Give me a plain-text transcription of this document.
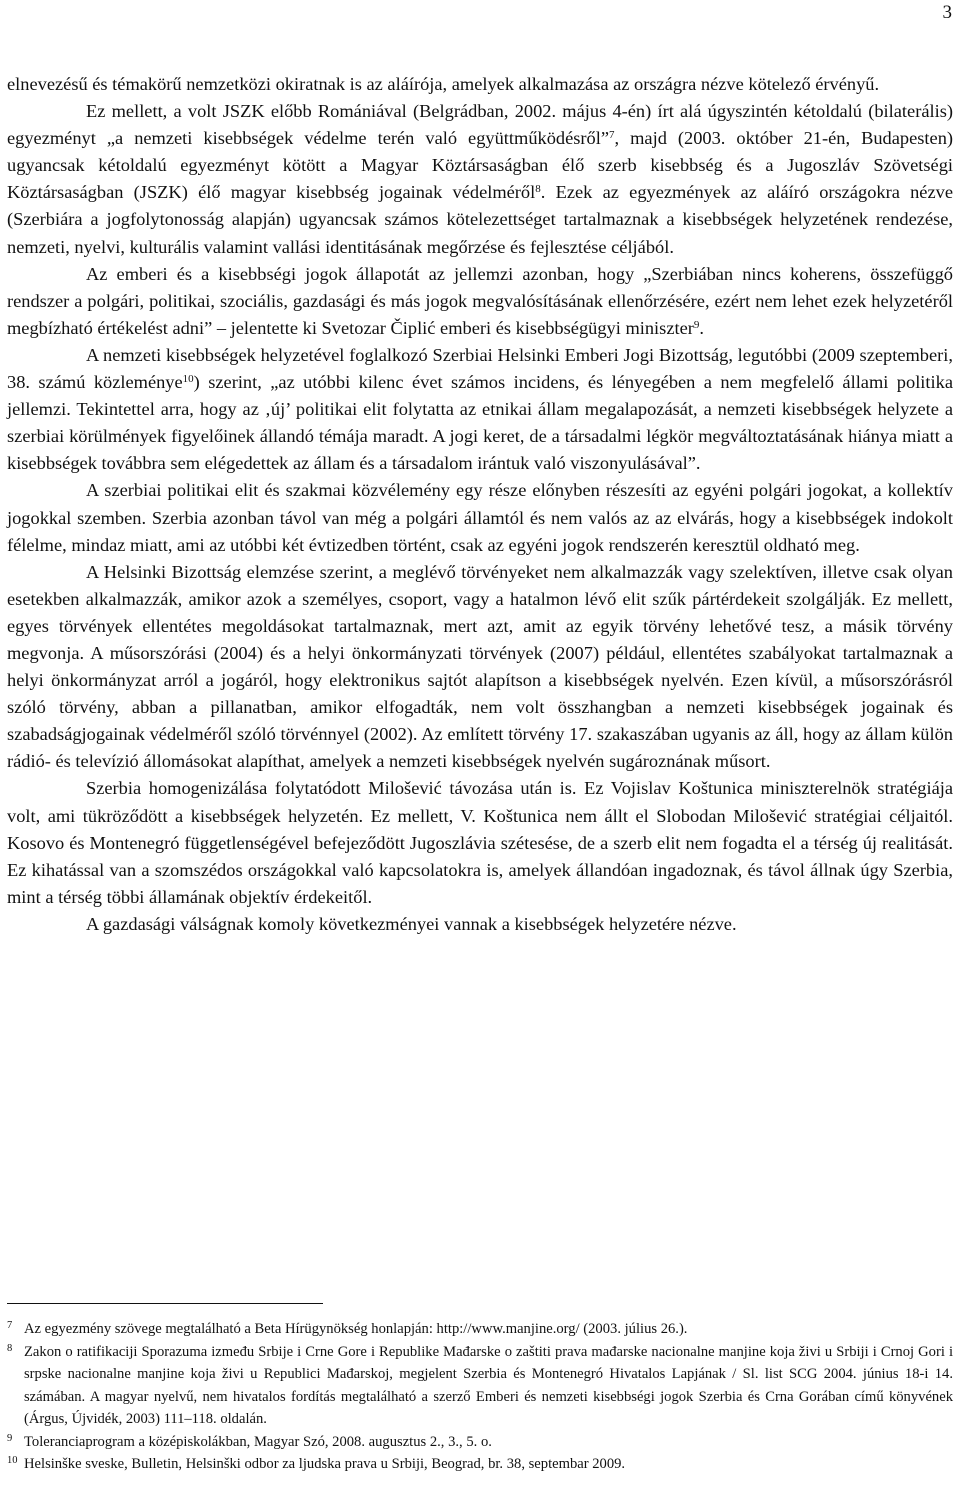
3

elnevezésű és témakörű nemzetközi okiratnak is az aláírója, amelyek alkalmazása az országra nézve kötelező érvényű.

Ez mellett, a volt JSZK előbb Romániával (Belgrádban, 2002. május 4-én) írt alá úgyszintén kétoldalú (bilaterális) egyezményt „a nemzeti kisebbségek védelme terén való együttműködésről”$^7$, majd (2003. október 21-én, Budapesten) ugyancsak kétoldalú egyezményt kötött a Magyar Köztársaságban élő szerb kisebbség és a Jugoszláv Szövetségi Köztársaságban (JSZK) élő magyar kisebbség jogainak védelméről$^8$. Ezek az egyezmények az aláíró országokra nézve (Szerbiára a jogfolytonosság alapján) ugyancsak számos kötelezettséget tartalmaznak a kisebbségek helyzetének rendezése, nemzeti, nyelvi, kulturális valamint vallási identitásának megőrzése és fejlesztése céljából.

Az emberi és a kisebbségi jogok állapotát az jellemzi azonban, hogy „Szerbiában nincs koherens, összefüggő rendszer a polgári, politikai, szociális, gazdasági és más jogok megvalósításának ellenőrzésére, ezért nem lehet ezek helyzetéről megbízható értékelést adni” – jelentette ki Svetozar Čiplić emberi és kisebbségügyi miniszter$^9$.

A nemzeti kisebbségek helyzetével foglalkozó Szerbiai Helsinki Emberi Jogi Bizottság, legutóbbi (2009 szeptemberi, 38. számú közleménye$^{10}$) szerint, „az utóbbi kilenc évet számos incidens, és lényegében a nem megfelelő állami politika jellemzi. Tekintettel arra, hogy az ‚új’ politikai elit folytatta az etnikai állam megalapozását, a nemzeti kisebbségek helyzete a szerbiai körülmények figyelőinek állandó témája maradt. A jogi keret, de a társadalmi légkör megváltoztatásának hiánya miatt a kisebbségek továbbra sem elégedettek az állam és a társadalom irántuk való viszonyulásával”.

A szerbiai politikai elit és szakmai közvélemény egy része előnyben részesíti az egyéni polgári jogokat, a kollektív jogokkal szemben. Szerbia azonban távol van még a polgári államtól és nem valós az az elvárás, hogy a kisebbségek indokolt félelme, mindaz miatt, ami az utóbbi két évtizedben történt, csak az egyéni jogok rendszerén keresztül oldható meg.

A Helsinki Bizottság elemzése szerint, a meglévő törvényeket nem alkalmazzák vagy szelektíven, illetve csak olyan esetekben alkalmazzák, amikor azok a személyes, csoport, vagy a hatalmon lévő elit szűk pártérdekeit szolgálják. Ez mellett, egyes törvények ellentétes megoldásokat tartalmaznak, mert azt, amit az egyik törvény lehetővé tesz, a másik törvény megvonja. A műsorszórási (2004) és a helyi önkormányzati törvények (2007) például, ellentétes szabályokat tartalmaznak a helyi önkormányzat arról a jogáról, hogy elektronikus sajtót alapítson a kisebbségek nyelvén. Ezen kívül, a műsorszórásról szóló törvény, abban a pillanatban, amikor elfogadták, nem volt összhangban a nemzeti kisebbségek jogainak és szabadságjogainak védelméről szóló törvénnyel (2002). Az említett törvény 17. szakaszában ugyanis az áll, hogy az állam külön rádió- és televízió állomásokat alapíthat, amelyek a nemzeti kisebbségek nyelvén sugároznának műsort.

Szerbia homogenizálása folytatódott Milošević távozása után is. Ez Vojislav Koštunica miniszterelnök stratégiája volt, ami tükröződött a kisebbségek helyzetén. Ez mellett, V. Koštunica nem állt el Slobodan Milošević stratégiai céljaitól. Kosovo és Montenegró függetlenségével befejeződött Jugoszlávia szétesése, de a szerb elit nem fogadta el a térség új realitását. Ez kihatással van a szomszédos országokkal való kapcsolatokra is, amelyek állandóan ingadoznak, és távol állnak úgy Szerbia, mint a térség többi államának objektív érdekeitől.

A gazdasági válságnak komoly következményei vannak a kisebbségek helyzetére nézve.

7 Az egyezmény szövege megtalálható a Beta Hírügynökség honlapján: http://www.manjine.org/ (2003. július 26.).
8 Zakon o ratifikaciji Sporazuma između Srbije i Crne Gore i Republike Mađarske o zaštiti prava mađarske nacionalne manjine koja živi u Srbiji i Crnoj Gori i srpske nacionalne manjine koja živi u Republici Mađarskoj, megjelent Szerbia és Montenegró Hivatalos Lapjának / Sl. list SCG 2004. június 18-i 14. számában. A magyar nyelvű, nem hivatalos fordítás megtalálható a szerző Emberi és nemzeti kisebbségi jogok Szerbia és Crna Gorában című könyvének (Árgus, Újvidék, 2003) 111–118. oldalán.
9 Toleranciaprogram a középiskolákban, Magyar Szó, 2008. augusztus 2., 3., 5. o.
10 Helsinške sveske, Bulletin, Helsinški odbor za ljudska prava u Srbiji, Beograd, br. 38, septembar 2009.
